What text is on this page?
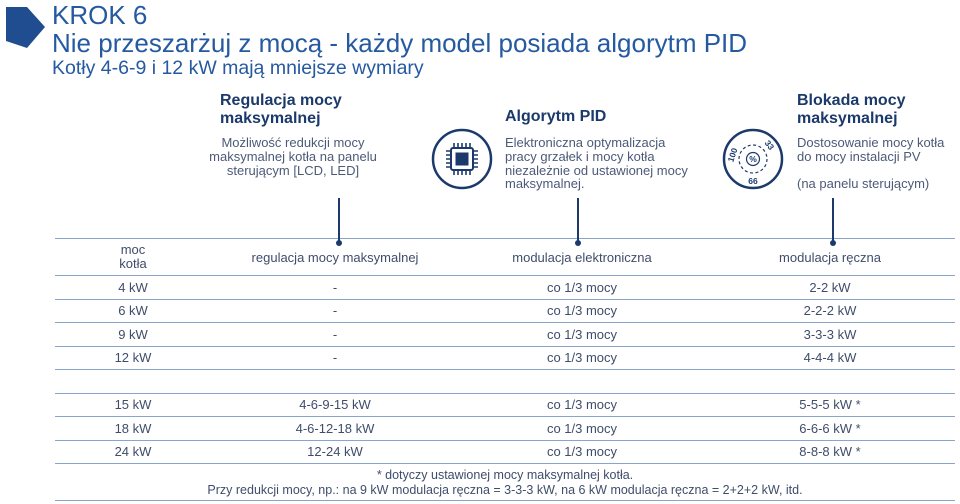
KROK 6
Nie przeszarżuj z mocą - każdy model posiada algorytm PID
Kotły 4-6-9 i 12 kW mają mniejsze wymiary
Regulacja mocy
maksymalnej
Możliwość redukcji mocy
maksymalnej kotła na panelu
sterującym [LCD, LED]
Algorytm PID
Elektroniczna optymalizacja
pracy grzałek i mocy kotła
niezależnie od ustawionej mocy
maksymalnej.
%
100
33
66
Blokada mocy
maksymalnej
Dostosowanie mocy kotła
do mocy instalacji PV
(na panelu sterującym)
moc
kotła	regulacja mocy maksymalnej	modulacja elektroniczna	modulacja ręczna
4 kW	-	co 1/3 mocy	2-2 kW
6 kW	-	co 1/3 mocy	2-2-2 kW
9 kW	-	co 1/3 mocy	3-3-3 kW
12 kW	-	co 1/3 mocy	4-4-4 kW
15 kW	4-6-9-15 kW	co 1/3 mocy	5-5-5 kW *
18 kW	4-6-12-18 kW	co 1/3 mocy	6-6-6 kW *
24 kW	12-24 kW	co 1/3 mocy	8-8-8 kW *
* dotyczy ustawionej mocy maksymalnej kotła.
Przy redukcji mocy, np.: na 9 kW modulacja ręczna = 3-3-3 kW, na 6 kW modulacja ręczna = 2+2+2 kW, itd.
